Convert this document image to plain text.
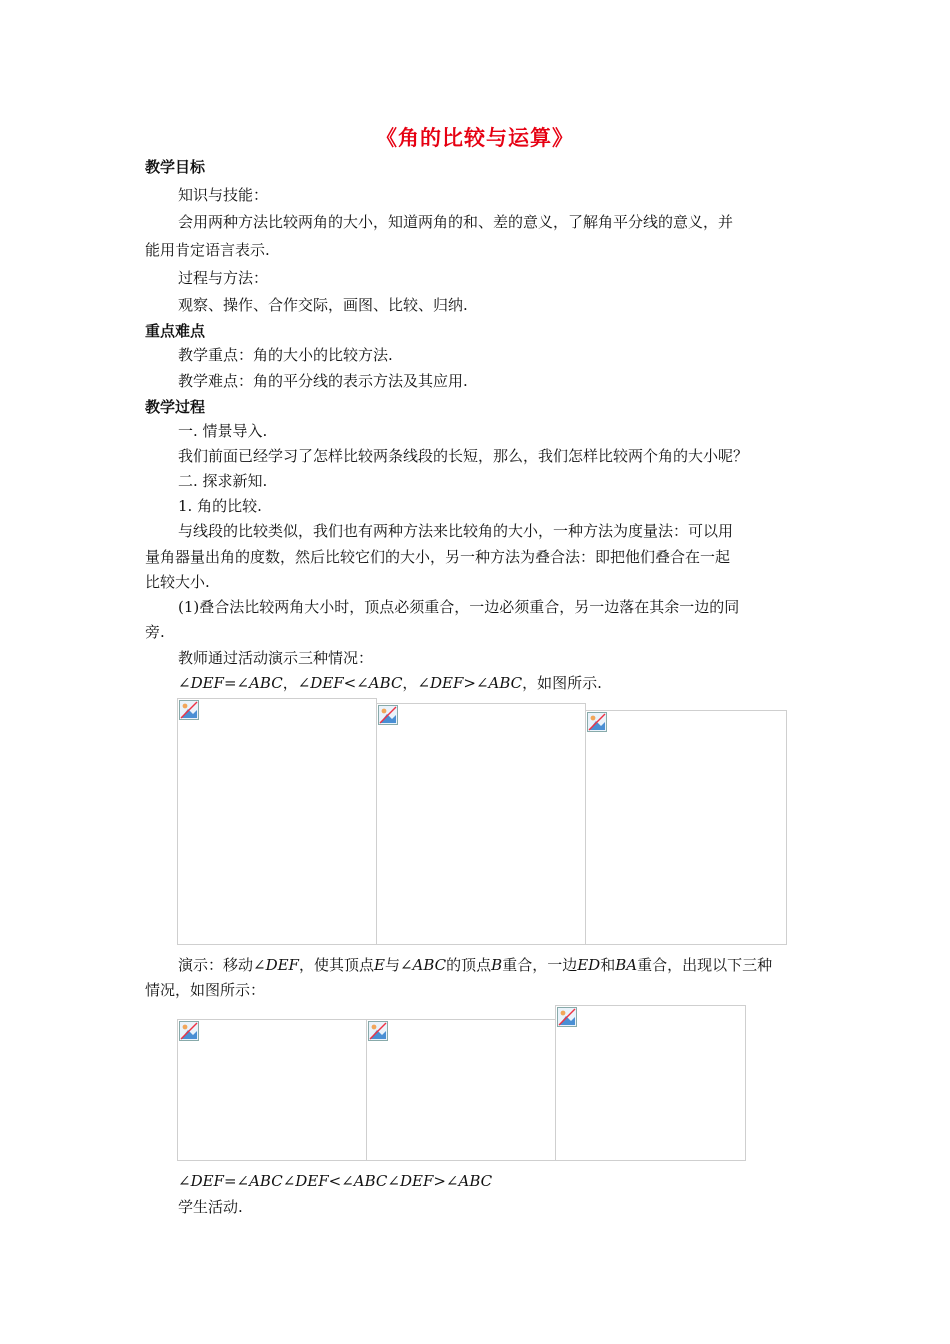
《角的比较与运算》
教学目标
知识与技能：
会用两种方法比较两角的大小，知道两角的和、差的意义，了解角平分线的意义，并
能用肯定语言表示.
过程与方法：
观察、操作、合作交际，画图、比较、归纳.
重点难点
教学重点：角的大小的比较方法.
教学难点：角的平分线的表示方法及其应用.
教学过程
一. 情景导入.
我们前面已经学习了怎样比较两条线段的长短，那么，我们怎样比较两个角的大小呢？
二. 探求新知.
1. 角的比较.
与线段的比较类似，我们也有两种方法来比较角的大小，一种方法为度量法：可以用
量角器量出角的度数，然后比较它们的大小，另一种方法为叠合法：即把他们叠合在一起
比较大小.
(1)叠合法比较两角大小时，顶点必须重合，一边必须重合，另一边落在其余一边的同
旁.
教师通过活动演示三种情况：
∠DEF=∠ABC，∠DEF<∠ABC，∠DEF>∠ABC，如图所示.
演示：移动∠DEF，使其顶点E与∠ABC的顶点B重合，一边ED和BA重合，出现以下三种
情况，如图所示：
∠DEF=∠ABC∠DEF<∠ABC∠DEF>∠ABC
学生活动.
